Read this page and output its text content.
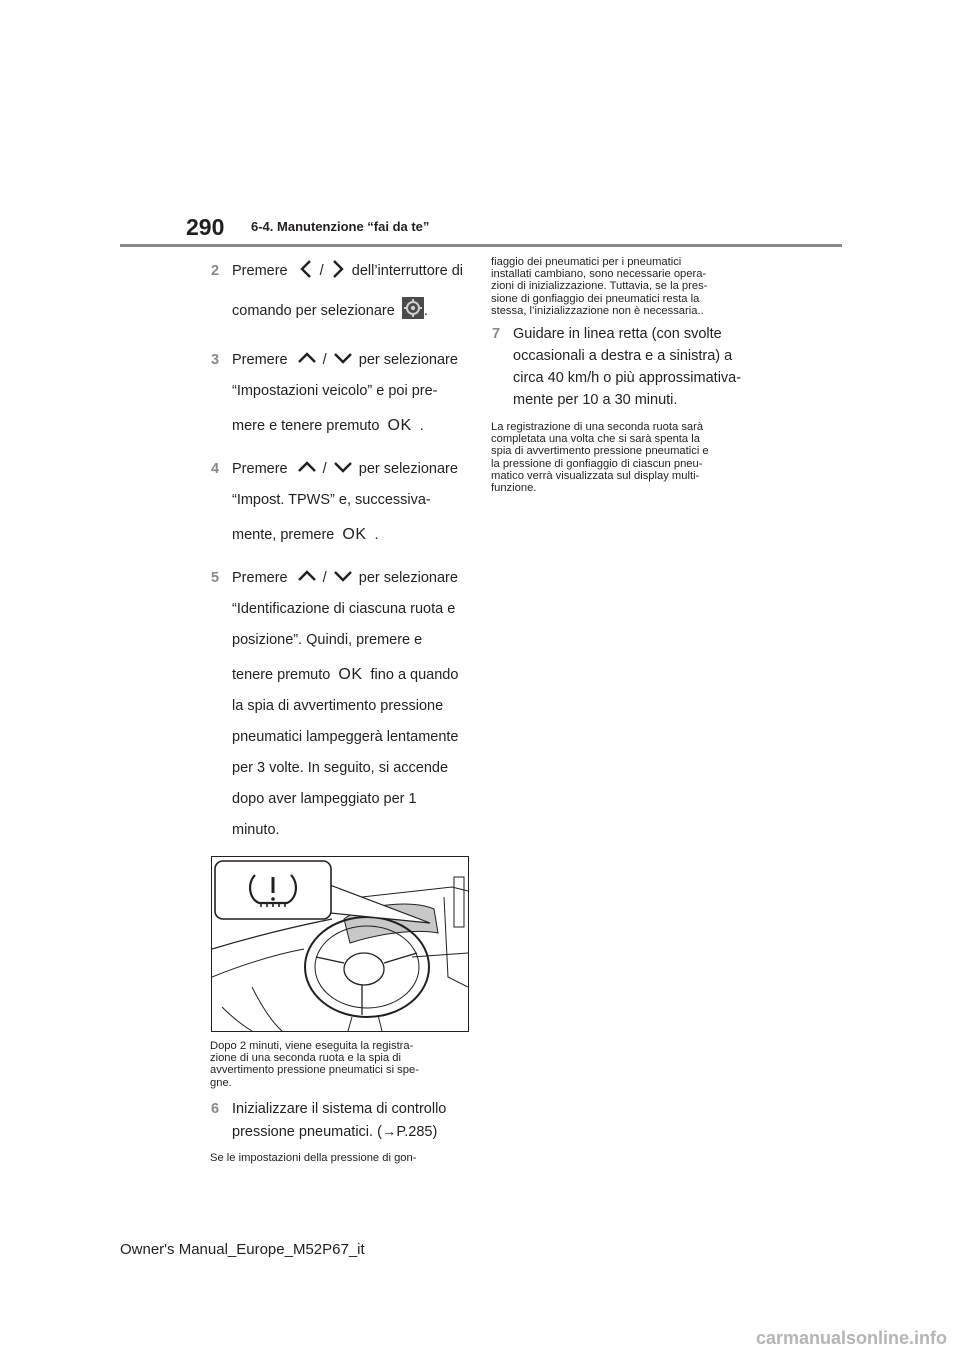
290 6-4. Manutenzione “fai da te”
2 Premere / dell’interruttore di

comando per selezionare .

3 Premere / per selezionare

“Impostazioni veicolo” e poi pre-

mere e tenere premuto OK .

4 Premere / per selezionare

“Impost. TPWS” e, successiva-

mente, premere OK .

5 Premere / per selezionare

“Identificazione di ciascuna ruota e

posizione”. Quindi, premere e

tenere premuto OK fino a quando

la spia di avvertimento pressione

pneumatici lampeggerà lentamente

per 3 volte. In seguito, si accende

dopo aver lampeggiato per 1

minuto.

Dopo 2 minuti, viene eseguita la registra-

zione di una seconda ruota e la spia di

avvertimento pressione pneumatici si spe-

gne.

6 Inizializzare il sistema di controllo

pressione pneumatici. (→P.285)

Se le impostazioni della pressione di gon-

fiaggio dei pneumatici per i pneumatici

installati cambiano, sono necessarie opera-

zioni di inizializzazione. Tuttavia, se la pres-

sione di gonfiaggio dei pneumatici resta la

stessa, l’inizializzazione non è necessaria..

7 Guidare in linea retta (con svolte

occasionali a destra e a sinistra) a

circa 40 km/h o più approssimativa-

mente per 10 a 30 minuti.

La registrazione di una seconda ruota sarà

completata una volta che si sarà spenta la

spia di avvertimento pressione pneumatici e

la pressione di gonfiaggio di ciascun pneu-

matico verrà visualizzata sul display multi-

funzione.

Owner's Manual_Europe_M52P67_it
carmanualsonline.info
